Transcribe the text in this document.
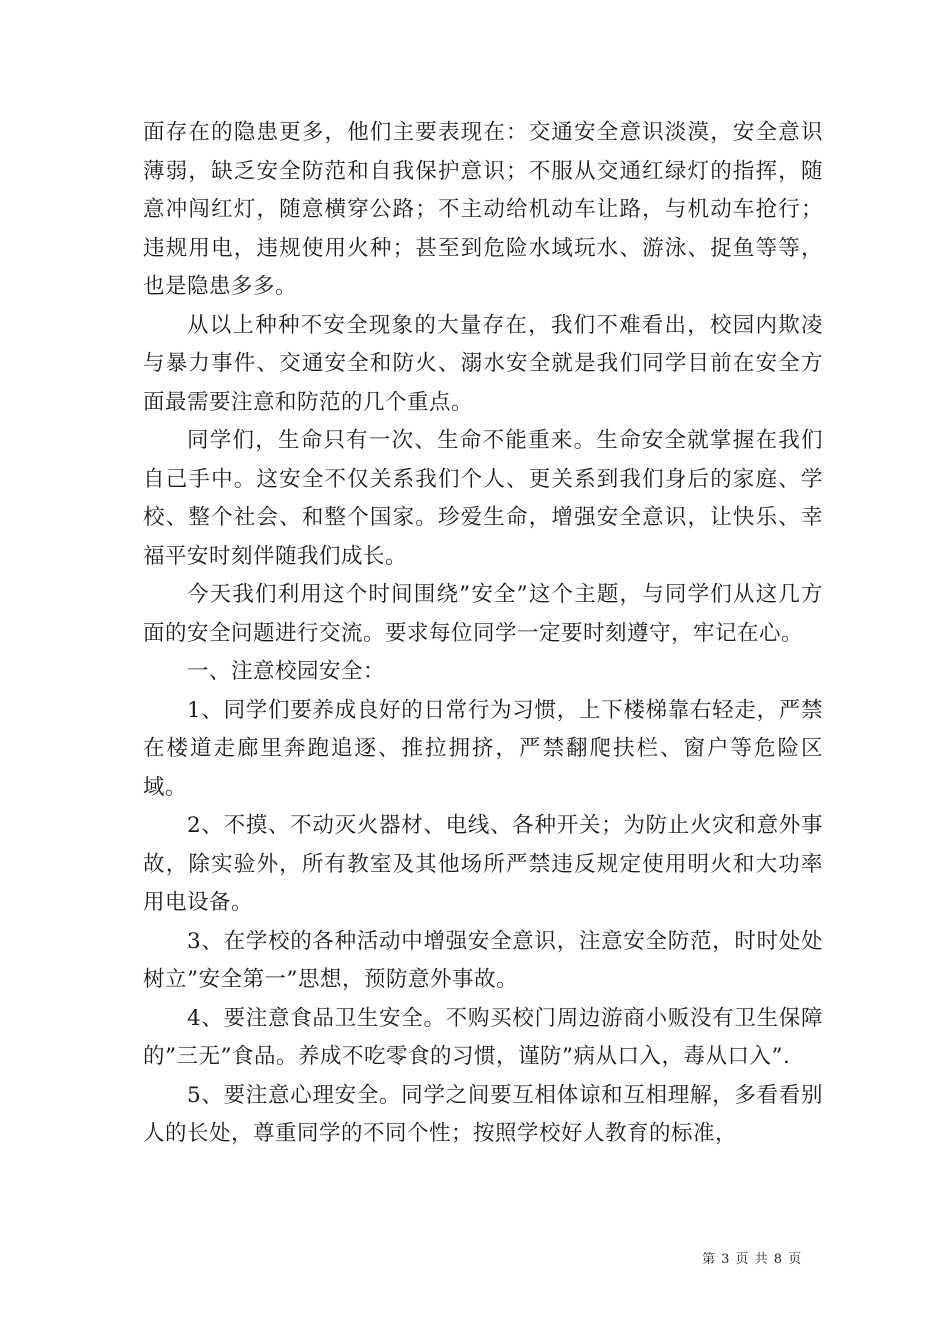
面存在的隐患更多，他们主要表现在：交通安全意识淡漠，安全意识薄弱，缺乏安全防范和自我保护意识；不服从交通红绿灯的指挥，随意冲闯红灯，随意横穿公路；不主动给机动车让路，与机动车抢行；违规用电，违规使用火种；甚至到危险水域玩水、游泳、捉鱼等等，也是隐患多多。

从以上种种不安全现象的大量存在，我们不难看出，校园内欺凌与暴力事件、交通安全和防火、溺水安全就是我们同学目前在安全方面最需要注意和防范的几个重点。

同学们，生命只有一次、生命不能重来。生命安全就掌握在我们自己手中。这安全不仅关系我们个人、更关系到我们身后的家庭、学校、整个社会、和整个国家。珍爱生命，增强安全意识，让快乐、幸福平安时刻伴随我们成长。

今天我们利用这个时间围绕”安全”这个主题，与同学们从这几方面的安全问题进行交流。要求每位同学一定要时刻遵守，牢记在心。

一、注意校园安全：

1、同学们要养成良好的日常行为习惯，上下楼梯靠右轻走，严禁在楼道走廊里奔跑追逐、推拉拥挤，严禁翻爬扶栏、窗户等危险区域。

2、不摸、不动灭火器材、电线、各种开关；为防止火灾和意外事故，除实验外，所有教室及其他场所严禁违反规定使用明火和大功率用电设备。

3、在学校的各种活动中增强安全意识，注意安全防范，时时处处树立”安全第一”思想，预防意外事故。

4、要注意食品卫生安全。不购买校门周边游商小贩没有卫生保障的”三无”食品。养成不吃零食的习惯，谨防”病从口入，毒从口入”.

5、要注意心理安全。同学之间要互相体谅和互相理解，多看看别人的长处，尊重同学的不同个性；按照学校好人教育的标准，

第 3 页 共 8 页
